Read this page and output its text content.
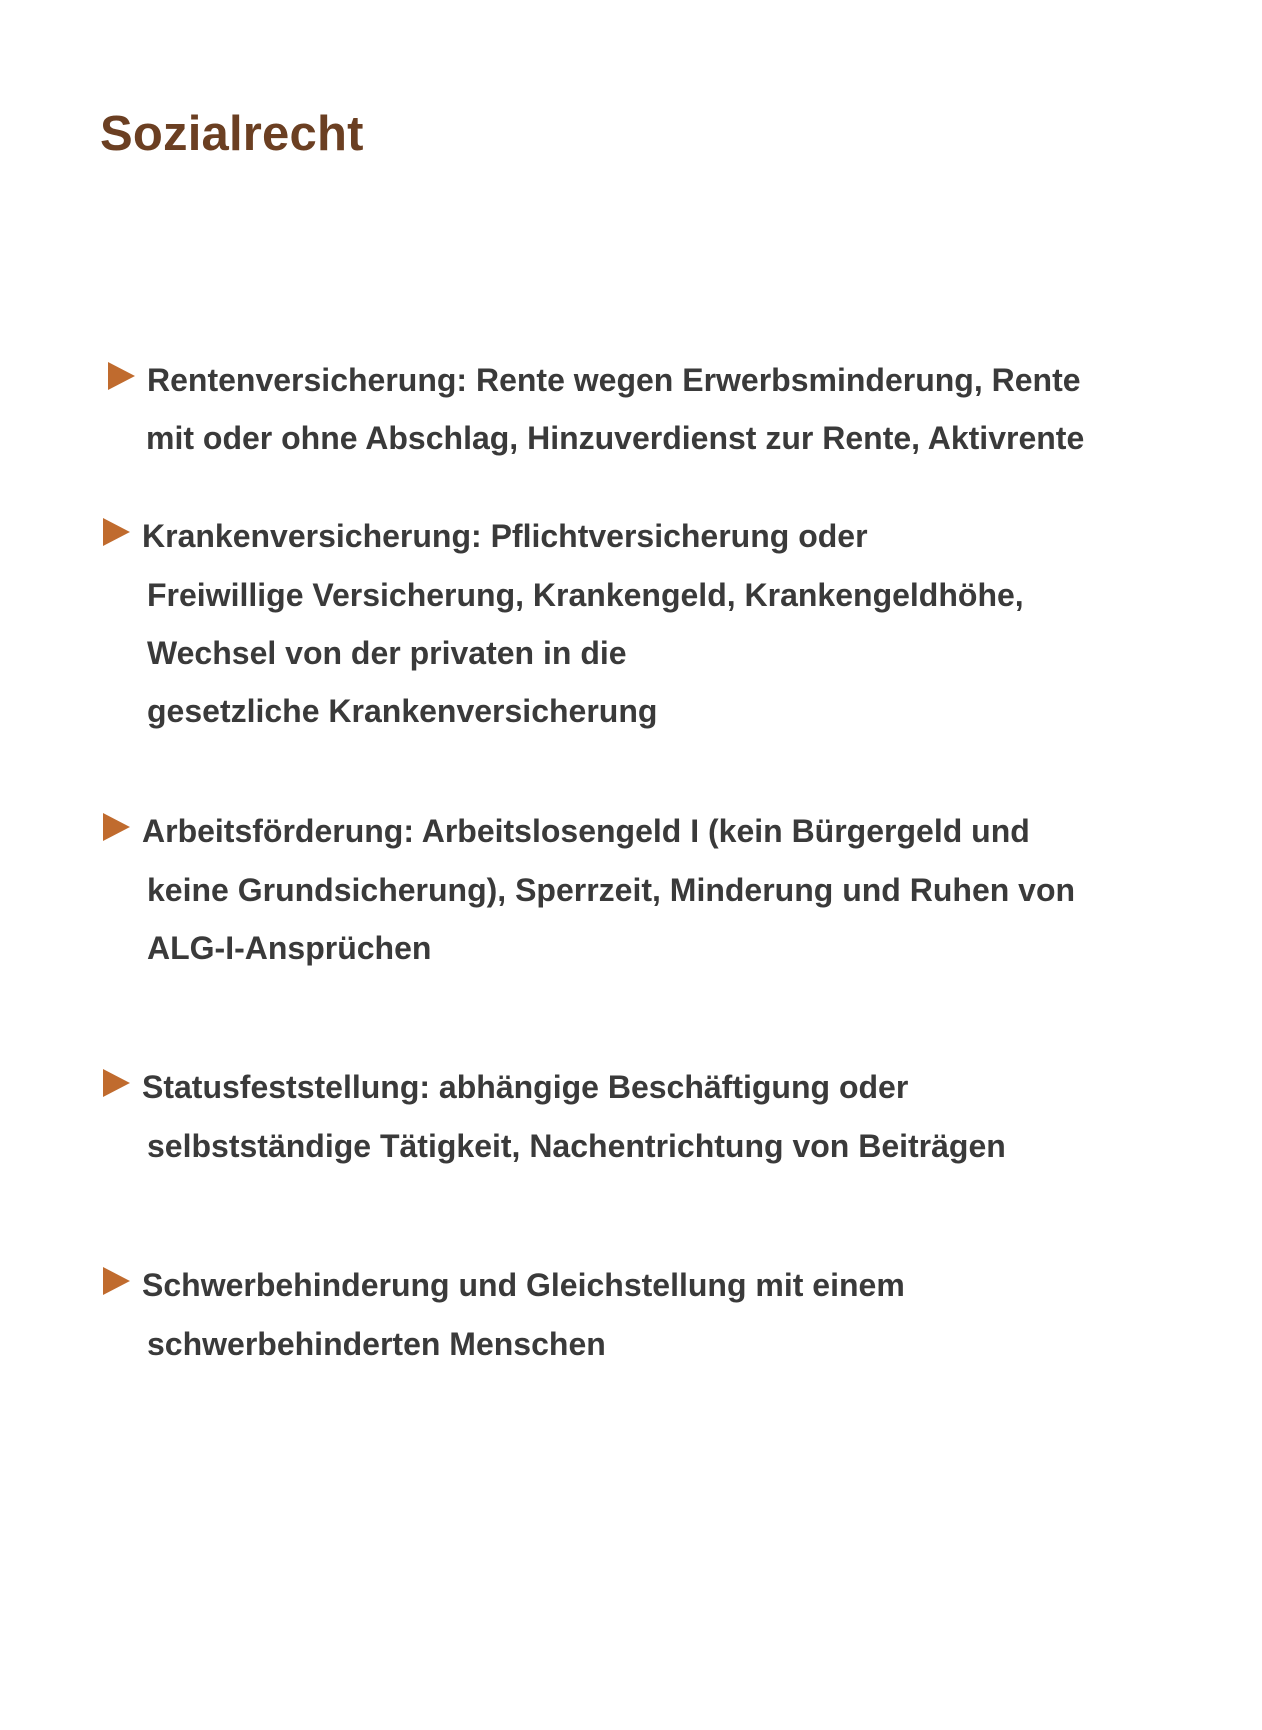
Sozialrecht
Rentenversicherung: Rente wegen Erwerbsminderung, Rente
mit oder ohne Abschlag, Hinzuverdienst zur Rente, Aktivrente
Krankenversicherung: Pflichtversicherung oder
Freiwillige Versicherung, Krankengeld, Krankengeldhöhe,
Wechsel von der privaten in die
gesetzliche Krankenversicherung
Arbeitsförderung: Arbeitslosengeld I (kein Bürgergeld und
keine Grundsicherung), Sperrzeit, Minderung und Ruhen von
ALG-I-Ansprüchen
Statusfeststellung: abhängige Beschäftigung oder
selbstständige Tätigkeit, Nachentrichtung von Beiträgen
Schwerbehinderung und Gleichstellung mit einem
schwerbehinderten Menschen
